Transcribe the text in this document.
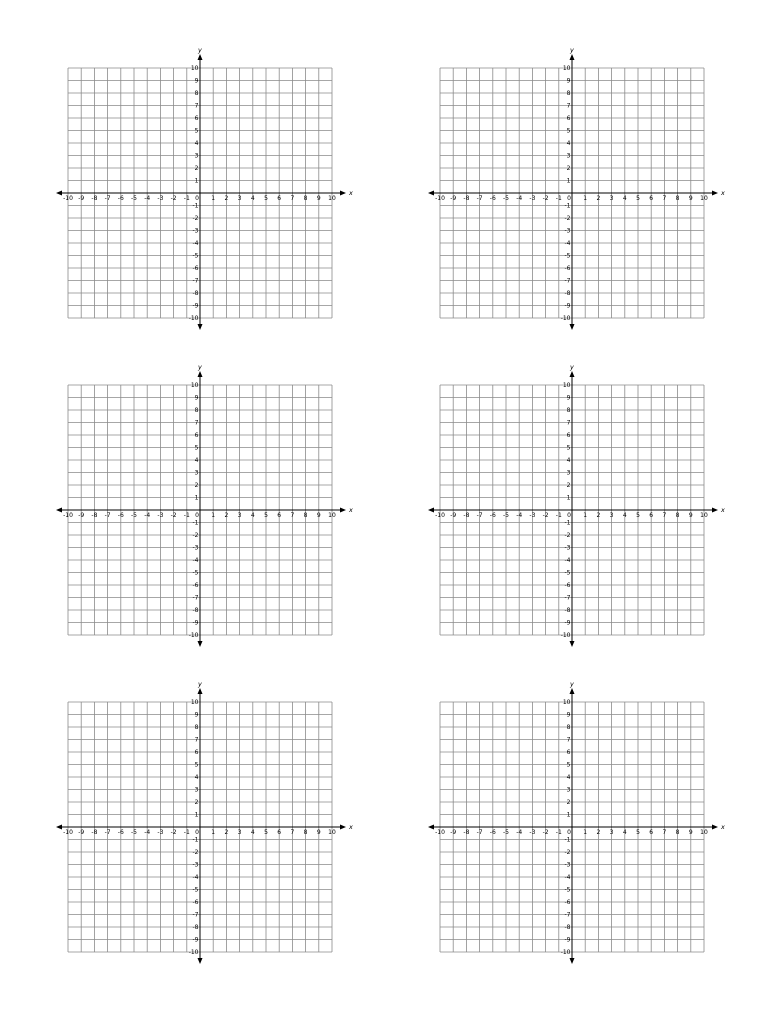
x
y
-10 -9 -8 -7 -6 -5 -4 -3 -2 -1 0 1 2 3 4 5 6 7 8 9 10
-10
-9
-8
-7
-6
-5
-4
-3
-2
-1
1
2
3
4
5
6
7
8
9
10
x
y
-10 -9 -8 -7 -6 -5 -4 -3 -2 -1 0 1 2 3 4 5 6 7 8 9 10
-10
-9
-8
-7
-6
-5
-4
-3
-2
-1
1
2
3
4
5
6
7
8
9
10
x
y
-10 -9 -8 -7 -6 -5 -4 -3 -2 -1 0 1 2 3 4 5 6 7 8 9 10
-10
-9
-8
-7
-6
-5
-4
-3
-2
-1
1
2
3
4
5
6
7
8
9
10
x
y
-10 -9 -8 -7 -6 -5 -4 -3 -2 -1 0 1 2 3 4 5 6 7 8 9 10
-10
-9
-8
-7
-6
-5
-4
-3
-2
-1
1
2
3
4
5
6
7
8
9
10
x
y
-10 -9 -8 -7 -6 -5 -4 -3 -2 -1 0 1 2 3 4 5 6 7 8 9 10
-10
-9
-8
-7
-6
-5
-4
-3
-2
-1
1
2
3
4
5
6
7
8
9
10
x
y
-10 -9 -8 -7 -6 -5 -4 -3 -2 -1 0 1 2 3 4 5 6 7 8 9 10
-10
-9
-8
-7
-6
-5
-4
-3
-2
-1
1
2
3
4
5
6
7
8
9
10
